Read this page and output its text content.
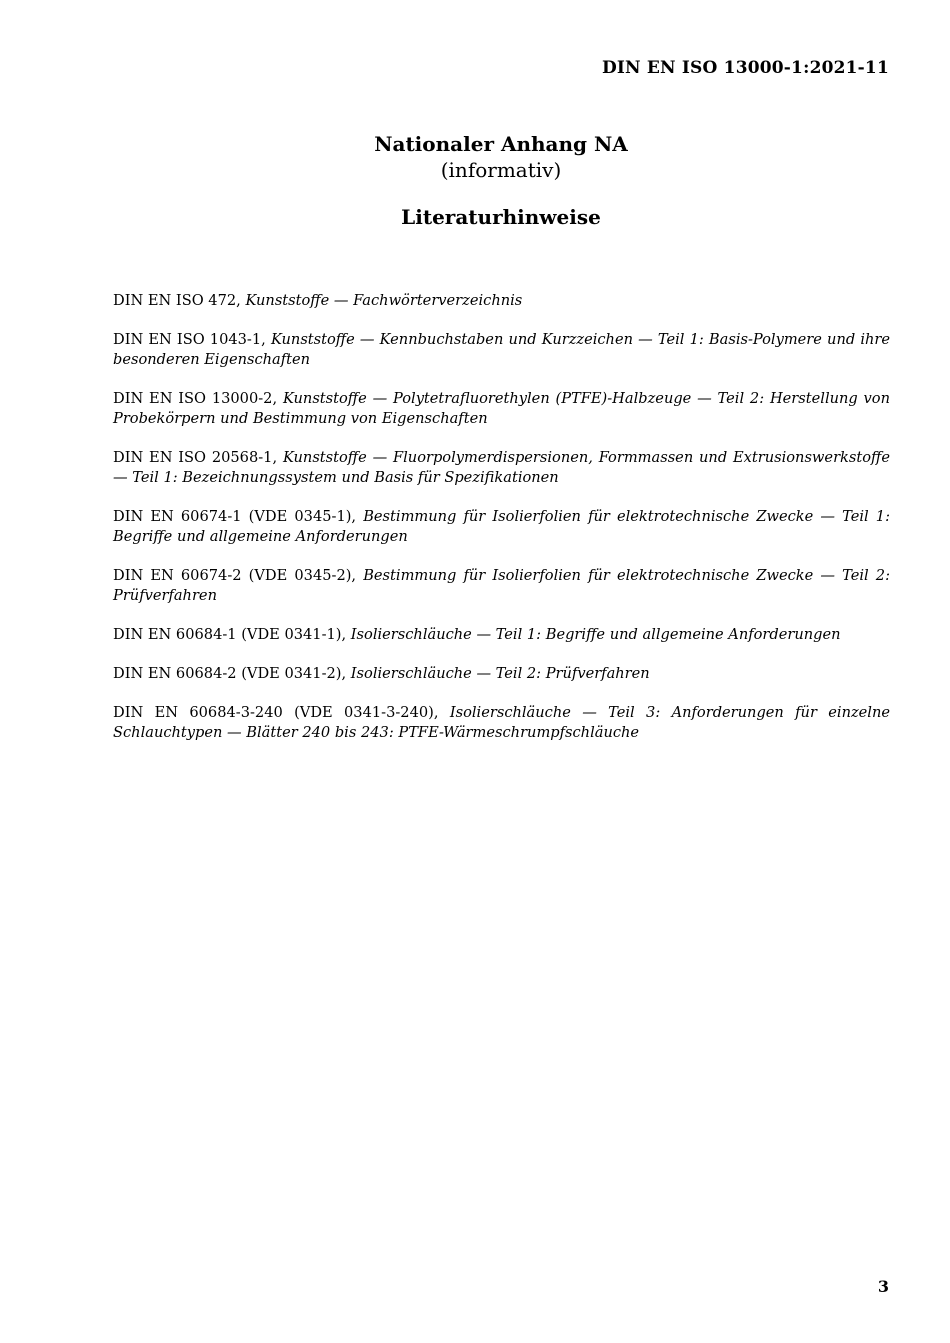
DIN EN ISO 13000-1:2021-11
Nationaler Anhang NA
(informativ)
Literaturhinweise

DIN EN ISO 472, Kunststoffe — Fachwörterverzeichnis

DIN EN ISO 1043-1, Kunststoffe — Kennbuchstaben und Kurzzeichen — Teil 1: Basis-Polymere und ihre besonderen Eigenschaften

DIN EN ISO 13000-2, Kunststoffe — Polytetrafluorethylen (PTFE)-Halbzeuge — Teil 2: Herstellung von Probekörpern und Bestimmung von Eigenschaften

DIN EN ISO 20568-1, Kunststoffe — Fluorpolymerdispersionen, Formmassen und Extrusionswerkstoffe — Teil 1: Bezeichnungssystem und Basis für Spezifikationen

DIN EN 60674-1 (VDE 0345-1), Bestimmung für Isolierfolien für elektrotechnische Zwecke — Teil 1: Begriffe und allgemeine Anforderungen

DIN EN 60674-2 (VDE 0345-2), Bestimmung für Isolierfolien für elektrotechnische Zwecke — Teil 2: Prüfverfahren

DIN EN 60684-1 (VDE 0341-1), Isolierschläuche — Teil 1: Begriffe und allgemeine Anforderungen

DIN EN 60684-2 (VDE 0341-2), Isolierschläuche — Teil 2: Prüfverfahren

DIN EN 60684-3-240 (VDE 0341-3-240), Isolierschläuche — Teil 3: Anforderungen für einzelne Schlauchtypen — Blätter 240 bis 243: PTFE-Wärmeschrumpfschläuche

3
